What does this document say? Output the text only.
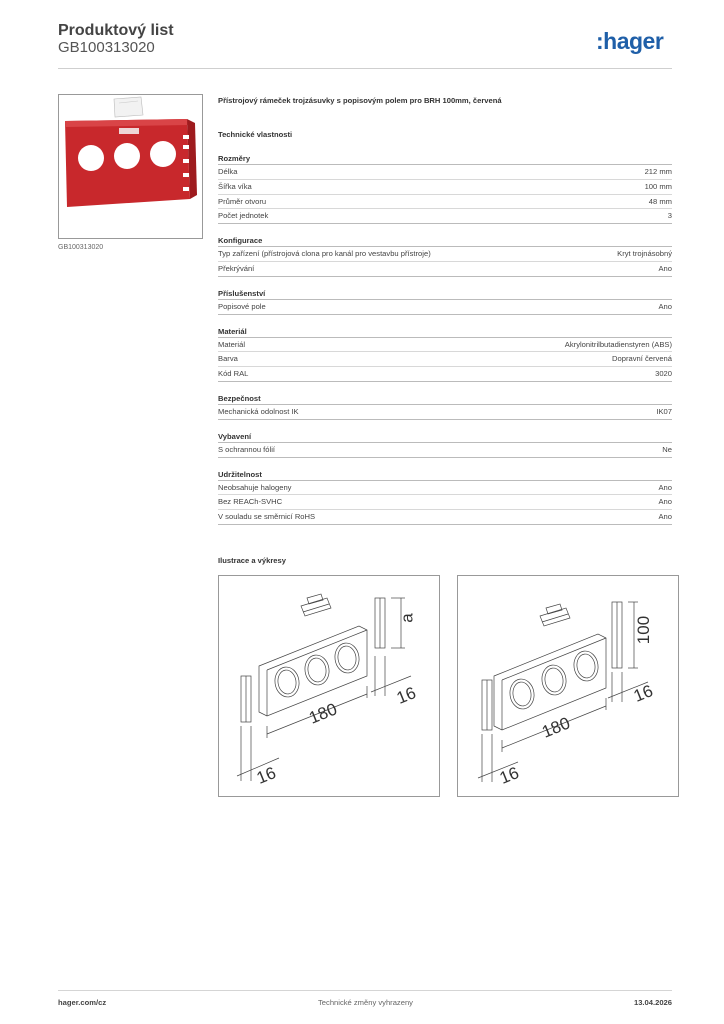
Produktový list
GB100313020	:hager
GB100313020
Přístrojový rámeček trojzásuvky s popisovým polem pro BRH 100mm, červená
Technické vlastnosti
Rozměry
Délka	212 mm
Šířka víka	100 mm
Průměr otvoru	48 mm
Počet jednotek	3
Konfigurace
Typ zařízení (přístrojová clona pro kanál pro vestavbu přístroje)	Kryt trojnásobný
Překrývání	Ano
Příslušenství
Popisové pole	Ano
Materiál
Materiál	Akrylonitrilbutadienstyren (ABS)
Barva	Dopravní červená
Kód RAL	3020
Bezpečnost
Mechanická odolnost IK	IK07
Vybavení
S ochrannou fólií	Ne
Udržitelnost
Neobsahuje halogeny	Ano
Bez REACh-SVHC	Ano
V souladu se směrnicí RoHS	Ano
Ilustrace a výkresy
180
16
16
a
180
16
16
100
hager.com/cz	Technické změny vyhrazeny	13.04.2026
